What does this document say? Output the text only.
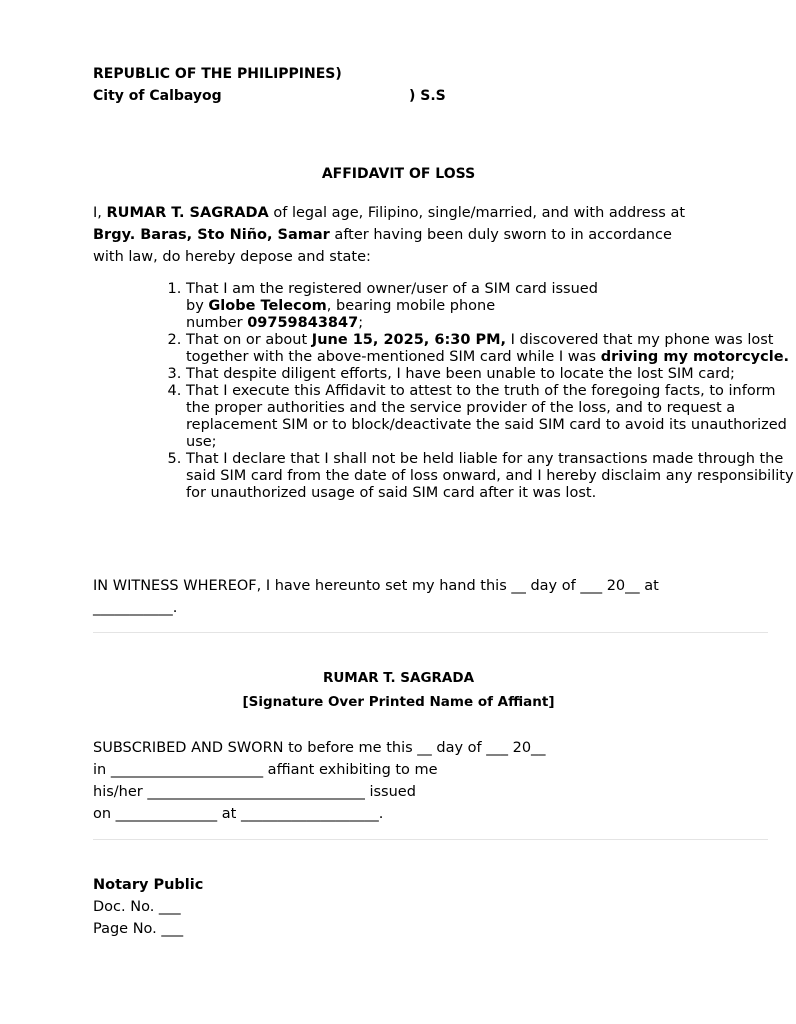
REPUBLIC OF THE PHILIPPINES)
City of Calbayog	) S.S
AFFIDAVIT OF LOSS

I, RUMAR T. SAGRADA of legal age, Filipino, single/married, and with address at Brgy. Baras, Sto Niño, Samar after having been duly sworn to in accordance with law, do hereby depose and state:

1. That I am the registered owner/user of a SIM card issued
by Globe Telecom, bearing mobile phone
number 09759843847;
2. That on or about June 15, 2025, 6:30 PM, I discovered that my phone was lost together with the above-mentioned SIM card while I was driving my motorcycle.
3. That despite diligent efforts, I have been unable to locate the lost SIM card;
4. That I execute this Affidavit to attest to the truth of the foregoing facts, to inform the proper authorities and the service provider of the loss, and to request a replacement SIM or to block/deactivate the said SIM card to avoid its unauthorized use;
5. That I declare that I shall not be held liable for any transactions made through the said SIM card from the date of loss onward, and I hereby disclaim any responsibility for unauthorized usage of said SIM card after it was lost.

IN WITNESS WHEREOF, I have hereunto set my hand this __ day of ___ 20__ at
___________.

RUMAR T. SAGRADA
[Signature Over Printed Name of Affiant]

SUBSCRIBED AND SWORN to before me this __ day of ___ 20__
in _____________________ affiant exhibiting to me
his/her ______________________________ issued
on ______________ at ___________________.

Notary Public
Doc. No. ___
Page No. ___
